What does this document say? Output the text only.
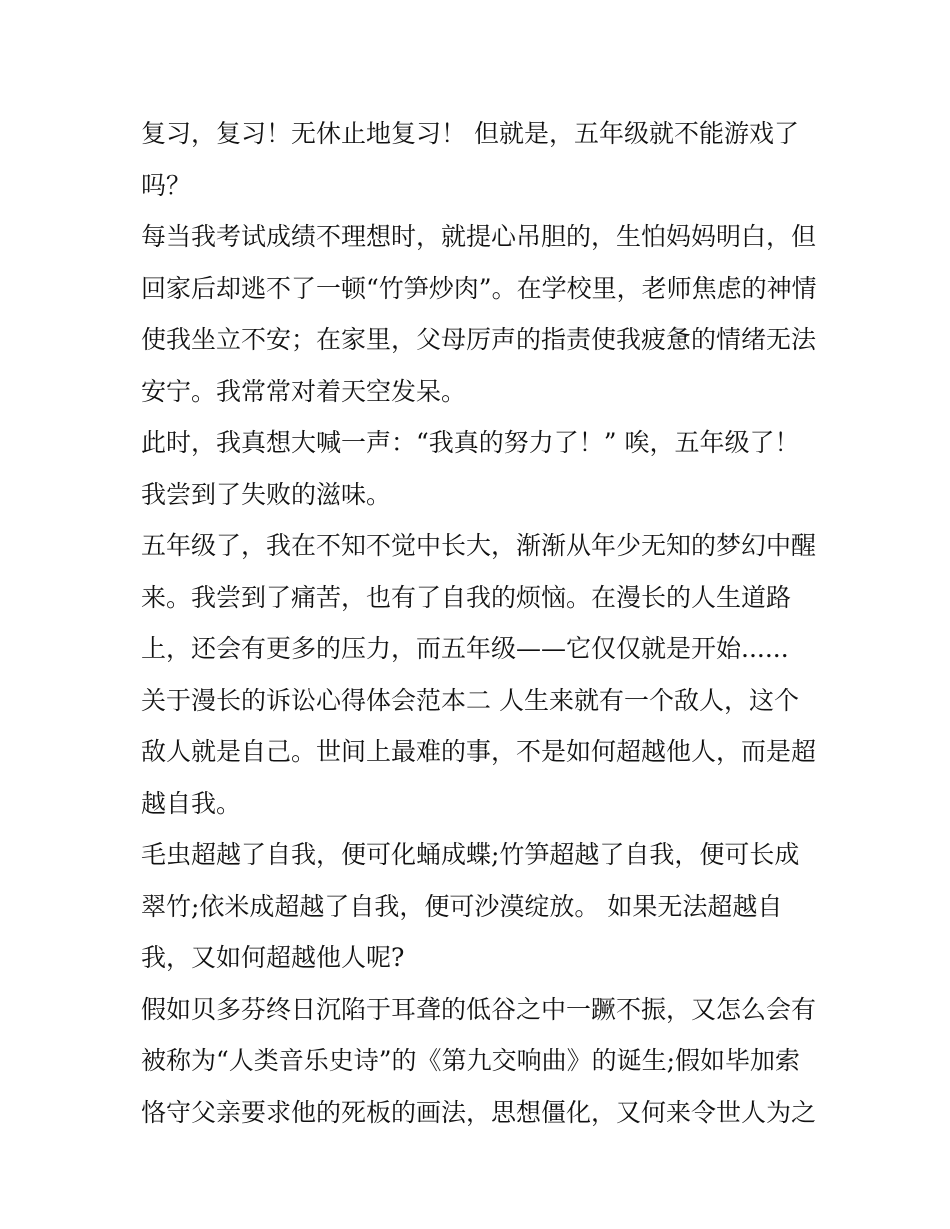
复习，复习！无休止地复习！ 但就是，五年级就不能游戏了
吗？
每当我考试成绩不理想时，就提心吊胆的，生怕妈妈明白，但
回家后却逃不了一顿“竹笋炒肉”。在学校里，老师焦虑的神情
使我坐立不安；在家里，父母厉声的指责使我疲惫的情绪无法
安宁。我常常对着天空发呆。
此时，我真想大喊一声：“我真的努力了！” 唉，五年级了！
我尝到了失败的滋味。
五年级了，我在不知不觉中长大，渐渐从年少无知的梦幻中醒
来。我尝到了痛苦，也有了自我的烦恼。在漫长的人生道路
上，还会有更多的压力，而五年级——它仅仅就是开始......
关于漫长的诉讼心得体会范本二 人生来就有一个敌人，这个
敌人就是自己。世间上最难的事，不是如何超越他人，而是超
越自我。
毛虫超越了自我，便可化蛹成蝶;竹笋超越了自我，便可长成
翠竹;依米成超越了自我，便可沙漠绽放。 如果无法超越自
我，又如何超越他人呢?
假如贝多芬终日沉陷于耳聋的低谷之中一蹶不振，又怎么会有
被称为“人类音乐史诗”的《第九交响曲》的诞生;假如毕加索
恪守父亲要求他的死板的画法，思想僵化，又何来令世人为之
